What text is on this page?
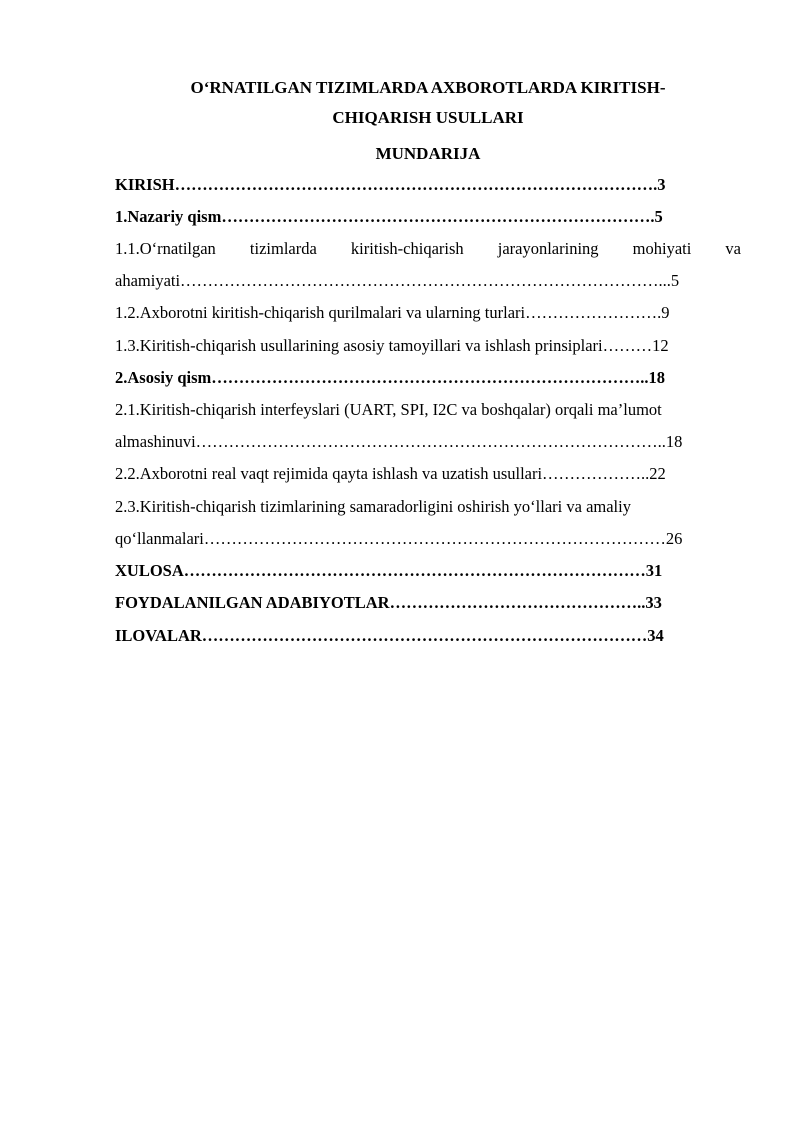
O‘RNATILGAN TIZIMLARDA AXBOROTLARDA KIRITISH-
CHIQARISH USULLARI
MUNDARIJA
KIRISH…………………………………………………………………………….3
1.Nazariy qism…………………………………………………………………….5
1.1.O‘rnatilgan tizimlarda kiritish-chiqarish jarayonlarining mohiyati va
ahamiyati……………………………………………………………………………...5
1.2.Axborotni kiritish-chiqarish qurilmalari va ularning turlari…………………….9
1.3.Kiritish-chiqarish usullarining asosiy tamoyillari va ishlash prinsiplari………12
2.Asosiy qism……………………………………………………………………..18
2.1.Kiritish-chiqarish interfeyslari (UART, SPI, I2C va boshqalar) orqali ma’lumot
almashinuvi…………………………………………………………………………..18
2.2.Axborotni real vaqt rejimida qayta ishlash va uzatish usullari………………..22
2.3.Kiritish-chiqarish tizimlarining samaradorligini oshirish yo‘llari va amaliy
qo‘llanmalari…………………………………………………………………………26
XULOSA…………………………………………………………………………31
FOYDALANILGAN ADABIYOTLAR………………………………………..33
ILOVALAR………………………………………………………………………34
